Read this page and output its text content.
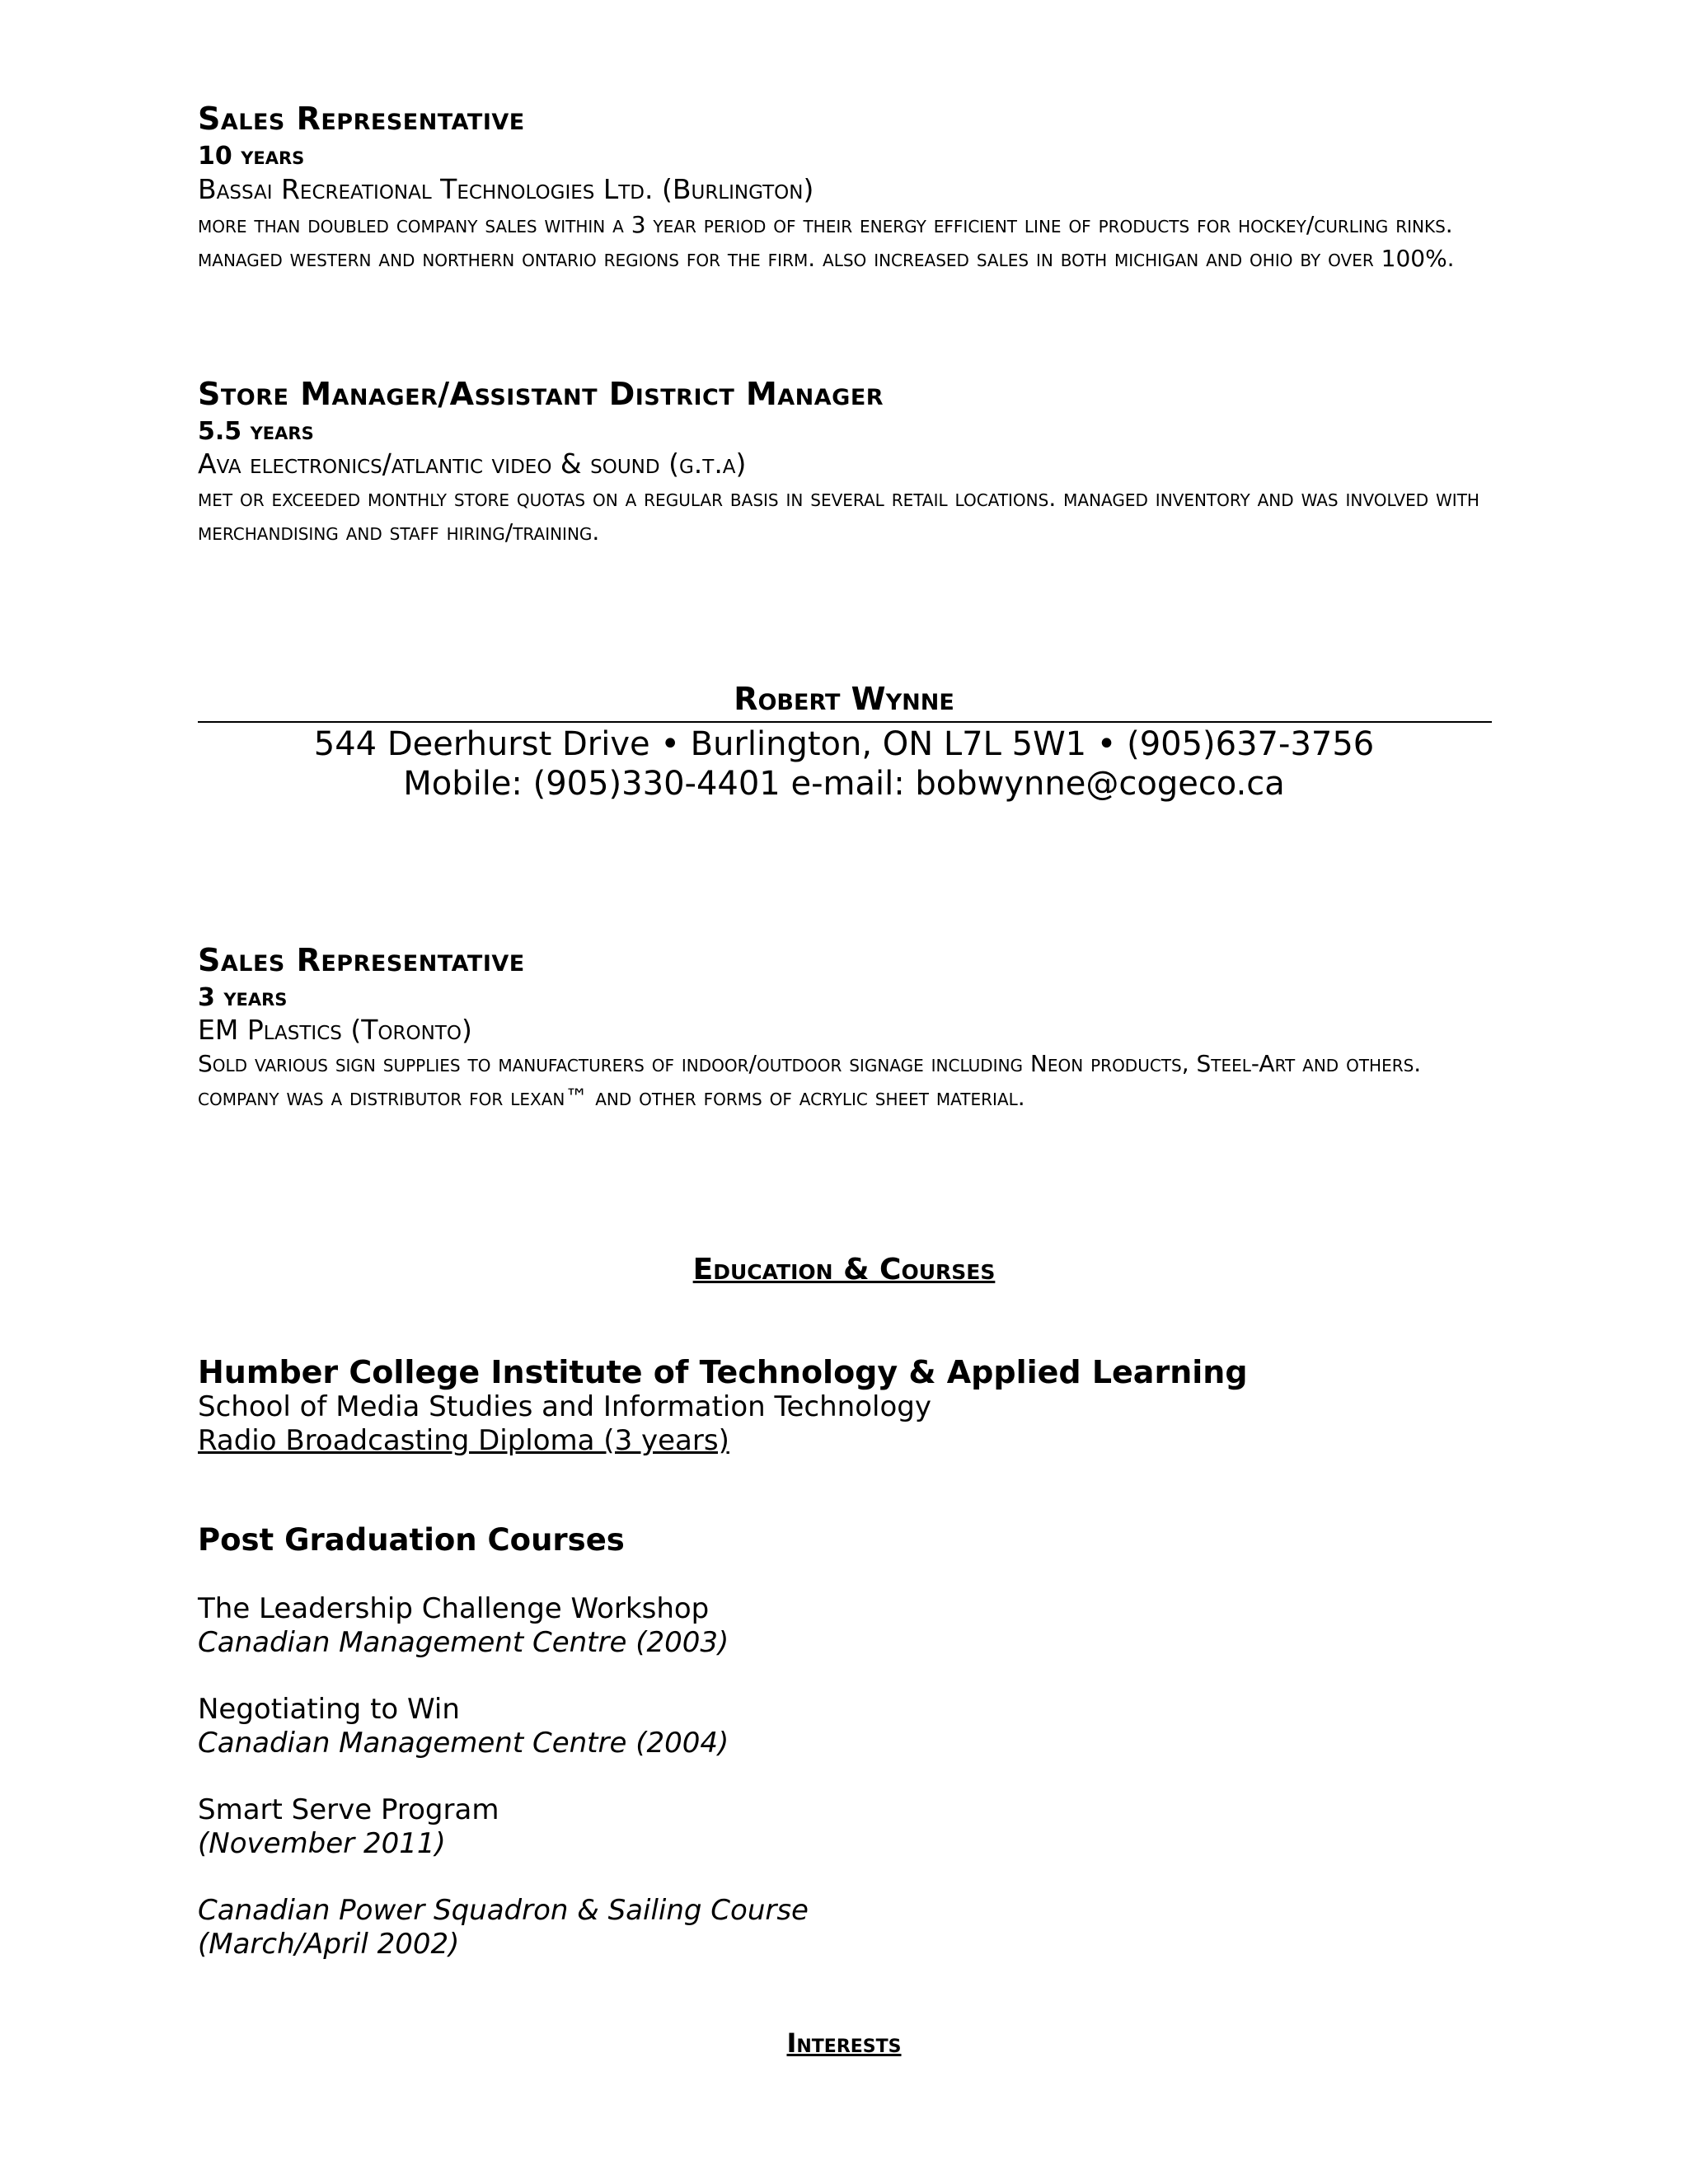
Sales Representative
10 years
Bassai Recreational Technologies Ltd. (Burlington)
more than doubled company sales within a 3 year period of their energy efficient line of products for hockey/curling rinks. managed western and northern ontario regions for the firm. also increased sales in both michigan and ohio by over 100%.
Store Manager/Assistant District Manager
5.5 years
Ava electronics/atlantic video & sound (g.t.a)
met or exceeded monthly store quotas on a regular basis in several retail locations. managed inventory and was involved with merchandising and staff hiring/training.
Robert Wynne
544 Deerhurst Drive • Burlington, ON L7L 5W1 • (905)637-3756
Mobile: (905)330-4401 e-mail: bobwynne@cogeco.ca
Sales Representative
3 years
EM Plastics (Toronto)
Sold various sign supplies to manufacturers of indoor/outdoor signage including Neon products, Steel-Art and others. company was a distributor for lexan™ and other forms of acrylic sheet material.
Education & Courses
Humber College Institute of Technology & Applied Learning
School of Media Studies and Information Technology
Radio Broadcasting Diploma (3 years)
Post Graduation Courses
The Leadership Challenge Workshop
Canadian Management Centre (2003)
Negotiating to Win
Canadian Management Centre (2004)
Smart Serve Program
(November 2011)
Canadian Power Squadron & Sailing Course
(March/April 2002)
Interests
